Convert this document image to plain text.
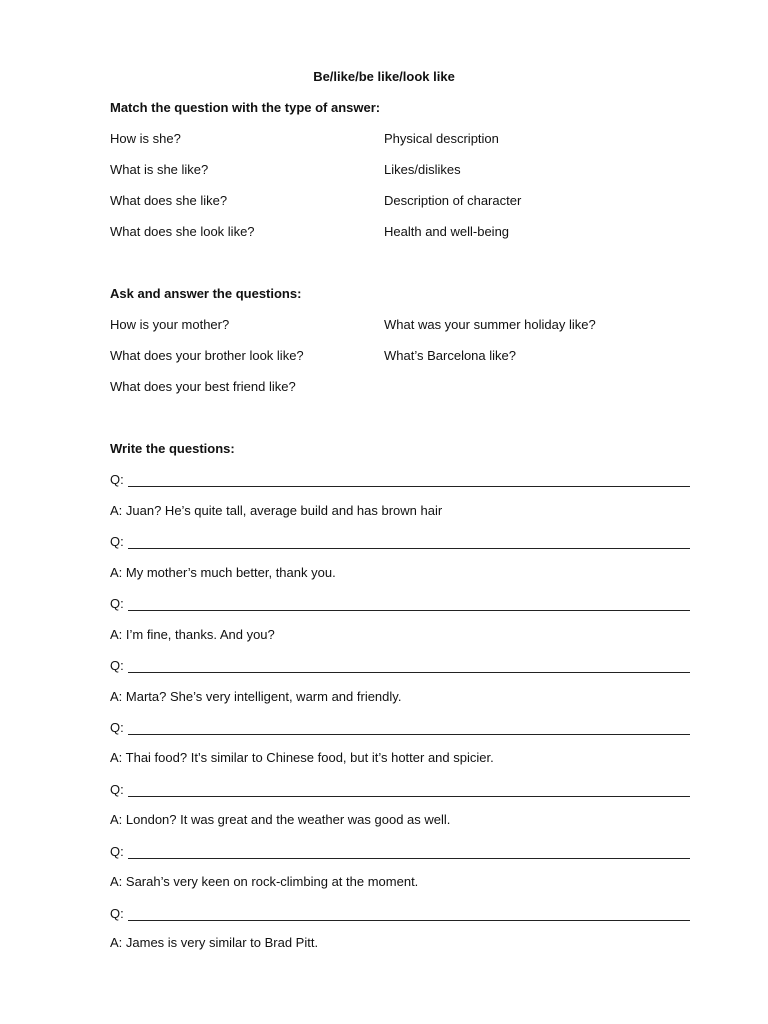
Be/like/be like/look like
Match the question with the type of answer:
How is she?
What is she like?
What does she like?
What does she look like?
Physical description
Likes/dislikes
Description of character
Health and well-being
Ask and answer the questions:
How is your mother?
What does your brother look like?
What does your best friend like?
What was your summer holiday like?
What’s Barcelona like?
Write the questions:
Q:
A: Juan? He’s quite tall, average build and has brown hair
Q:
A: My mother’s much better, thank you.
Q:
A: I’m fine, thanks. And you?
Q:
A: Marta? She’s very intelligent, warm and friendly.
Q:
A: Thai food? It’s similar to Chinese food, but it’s hotter and spicier.
Q:
A: London? It was great and the weather was good as well.
Q:
A: Sarah’s very keen on rock-climbing at the moment.
Q:
A: James is very similar to Brad Pitt.
